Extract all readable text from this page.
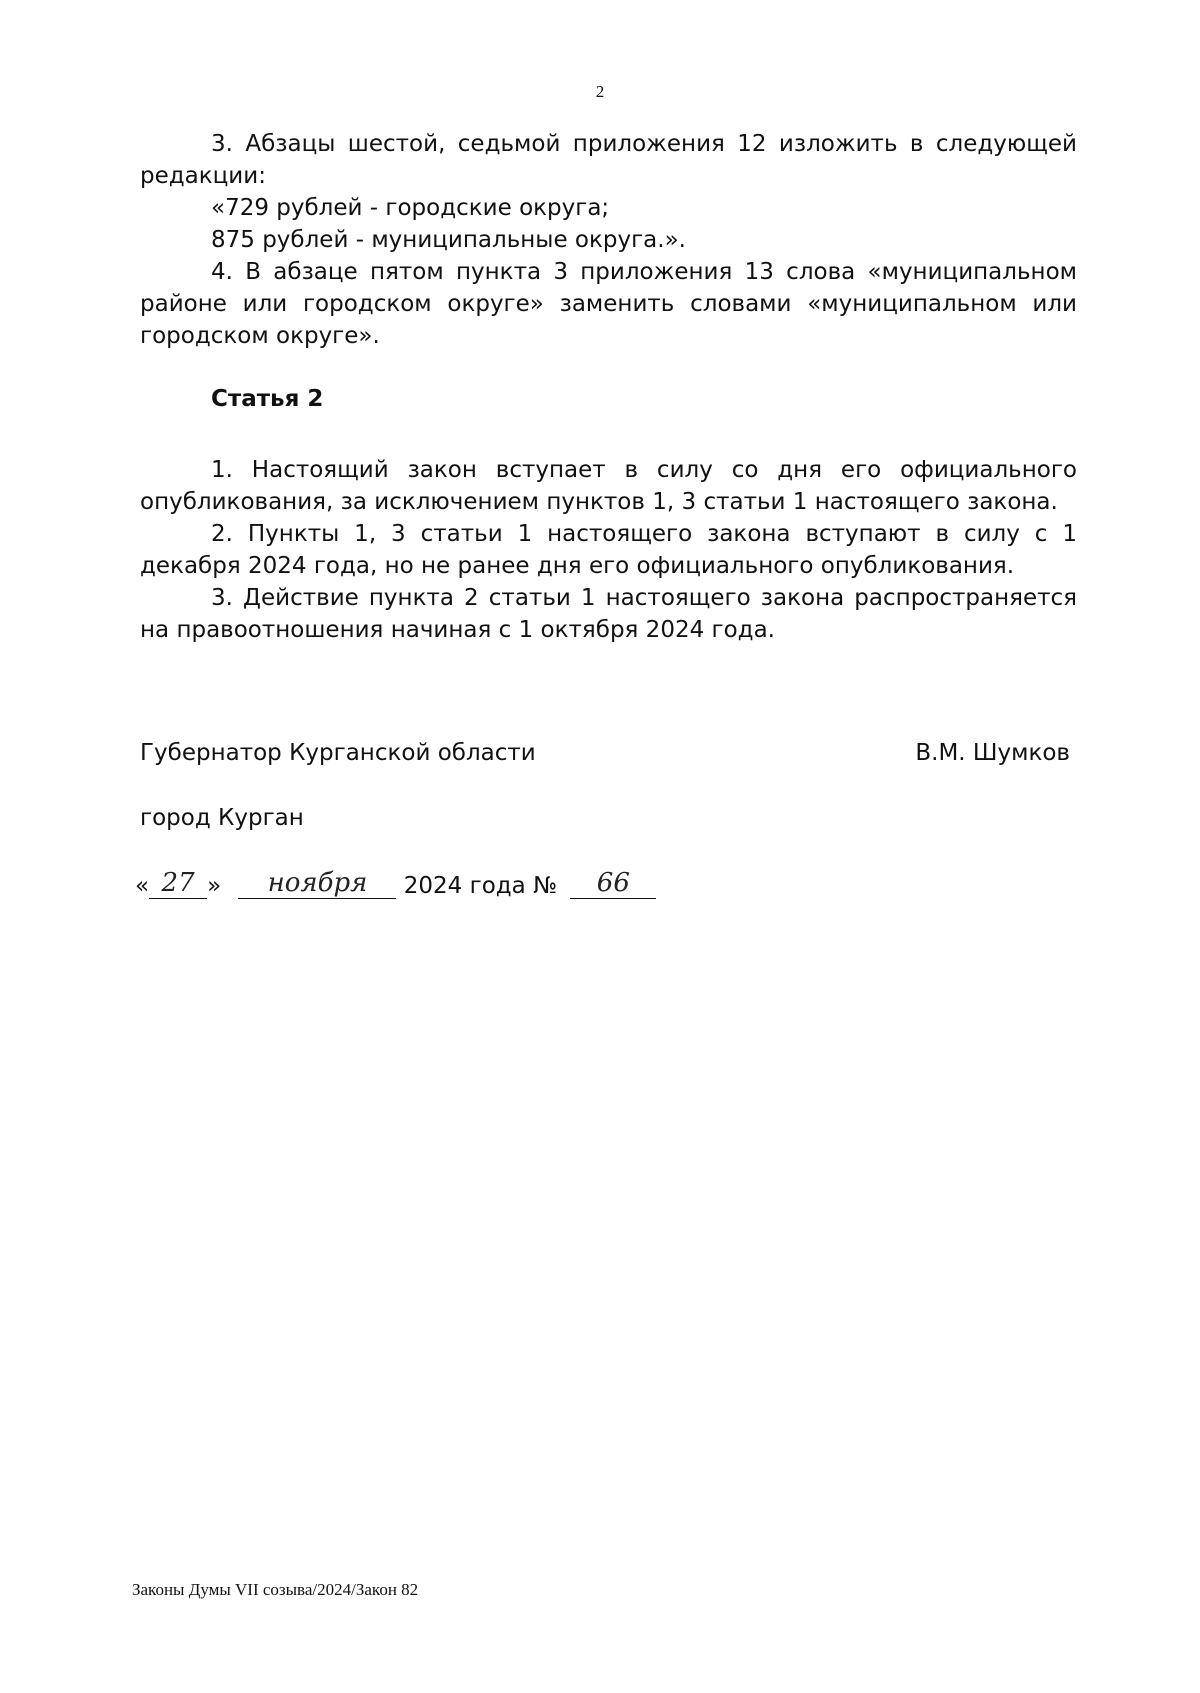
2

3. Абзацы шестой, седьмой приложения 12 изложить в следующей редакции:

«729 рублей - городские округа;

875 рублей - муниципальные округа.».

4. В абзаце пятом пункта 3 приложения 13 слова «муниципальном районе или городском округе» заменить словами «муниципальном или городском округе».

Статья 2

1. Настоящий закон вступает в силу со дня его официального опубликования, за исключением пунктов 1, 3 статьи 1 настоящего закона.

2. Пункты 1, 3 статьи 1 настоящего закона вступают в силу с 1 декабря 2024 года, но не ранее дня его официального опубликования.

3. Действие пункта 2 статьи 1 настоящего закона распространяется на правоотношения начиная с 1 октября 2024 года.

Губернатор Курганской области	В.М. Шумков
город Курган
« 27 » ноября 2024 года № 66
Законы Думы VII созыва/2024/Закон 82
